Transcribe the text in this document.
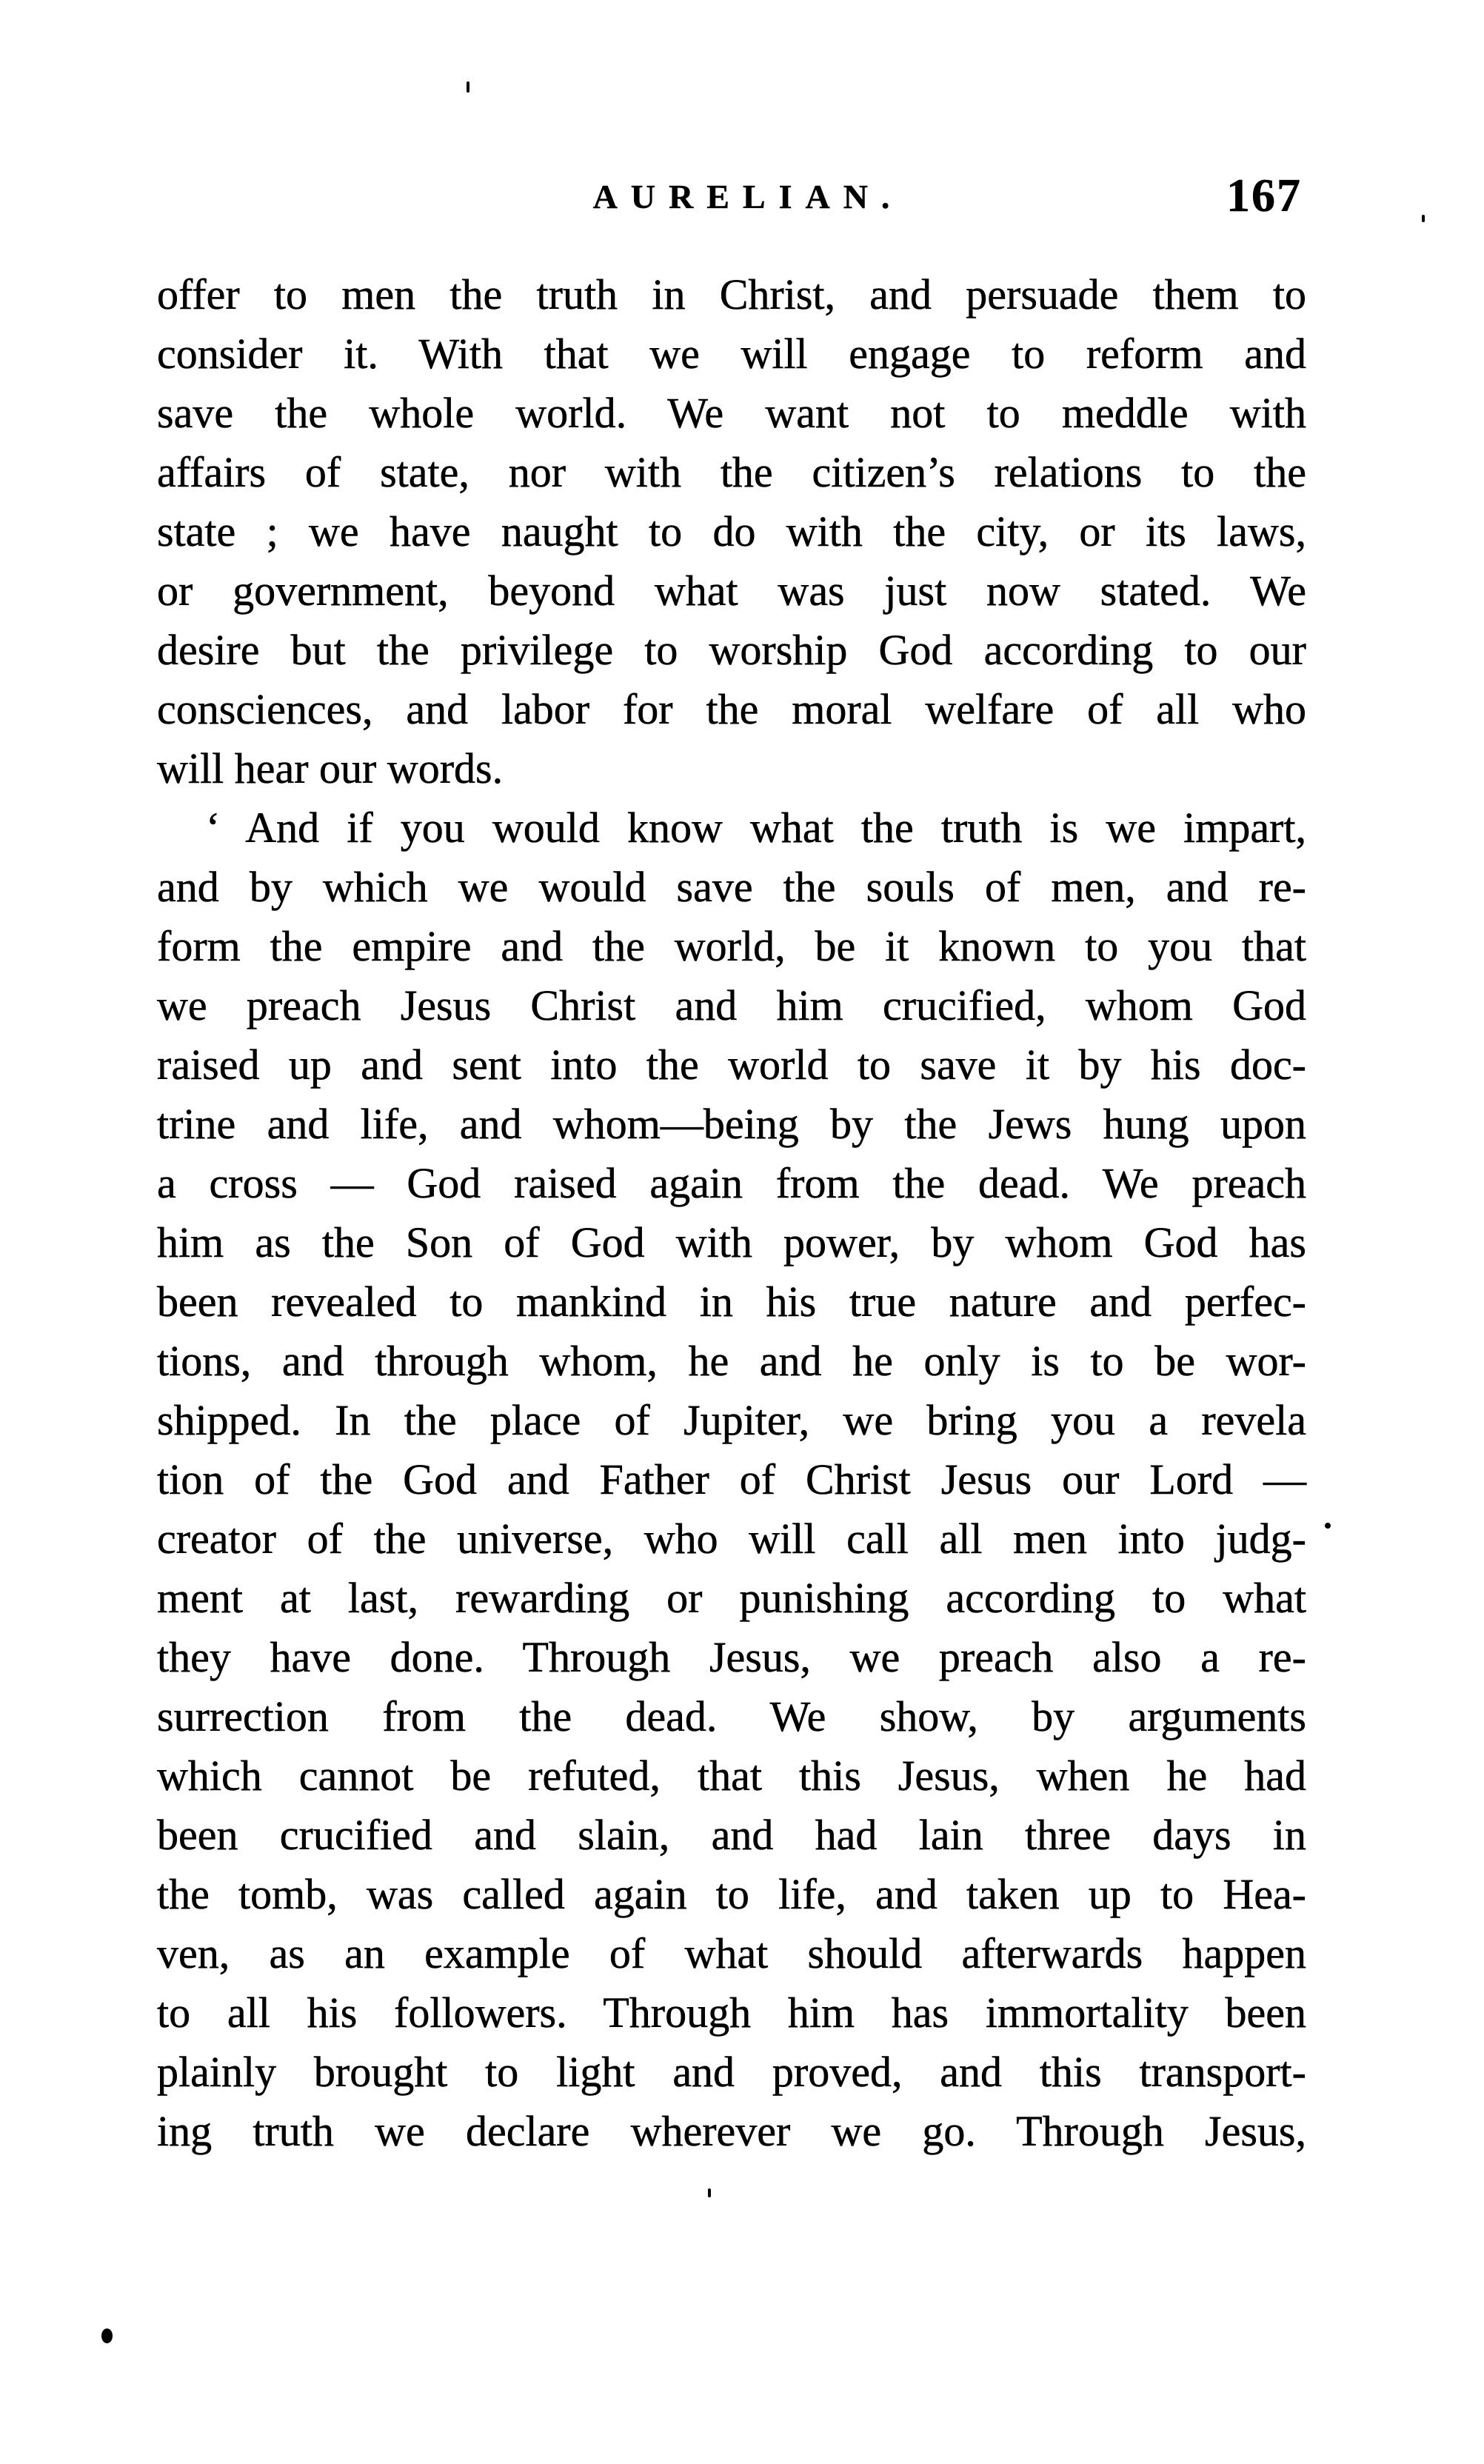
AURELIAN.	167
offer to men the truth in Christ, and persuade them to
consider it. With that we will engage to reform and
save the whole world. We want not to meddle with
affairs of state, nor with the citizen’s relations to the
state ; we have naught to do with the city, or its laws,
or government, beyond what was just now stated. We
desire but the privilege to worship God according to our
consciences, and labor for the moral welfare of all who
will hear our words.
‘ And if you would know what the truth is we impart,
and by which we would save the souls of men, and re-
form the empire and the world, be it known to you that
we preach Jesus Christ and him crucified, whom God
raised up and sent into the world to save it by his doc-
trine and life, and whom—being by the Jews hung upon
a cross — God raised again from the dead. We preach
him as the Son of God with power, by whom God has
been revealed to mankind in his true nature and perfec-
tions, and through whom, he and he only is to be wor-
shipped. In the place of Jupiter, we bring you a revela
tion of the God and Father of Christ Jesus our Lord —
creator of the universe, who will call all men into judg-
ment at last, rewarding or punishing according to what
they have done. Through Jesus, we preach also a re-
surrection from the dead. We show, by arguments
which cannot be refuted, that this Jesus, when he had
been crucified and slain, and had lain three days in
the tomb, was called again to life, and taken up to Hea-
ven, as an example of what should afterwards happen
to all his followers. Through him has immortality been
plainly brought to light and proved, and this transport-
ing truth we declare wherever we go. Through Jesus,
